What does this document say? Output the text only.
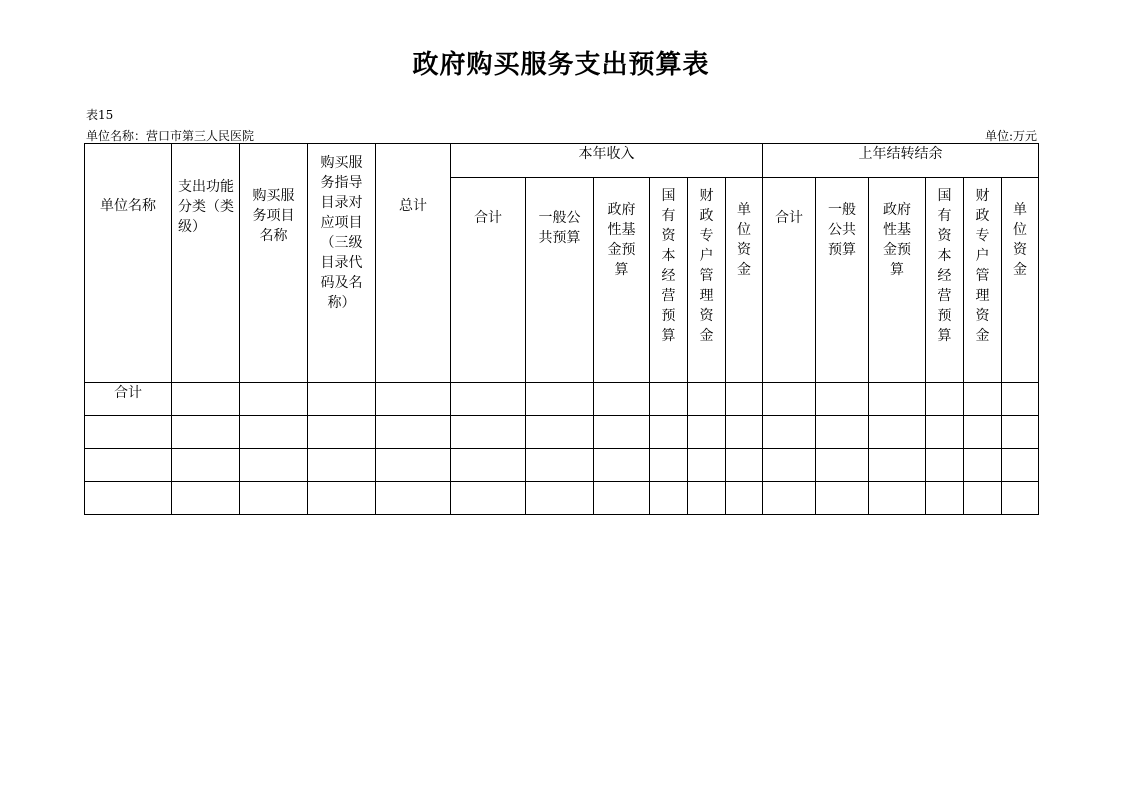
政府购买服务支出预算表
表15
单位名称：营口市第三人民医院	单位:万元
单位名称	支出功能分类（类级）	购买服务项目名称	购买服务指导目录对应项目（三级目录代码及名称）	总计	本年收入						上年结转结余					

					合计	一般公共预算	政府性基金预算	国有资本经营预算	财政专户管理资金	单位资金	合计	一般公共预算	政府性基金预算	国有资本经营预算	财政专户管理资金	单位资金

合计																
